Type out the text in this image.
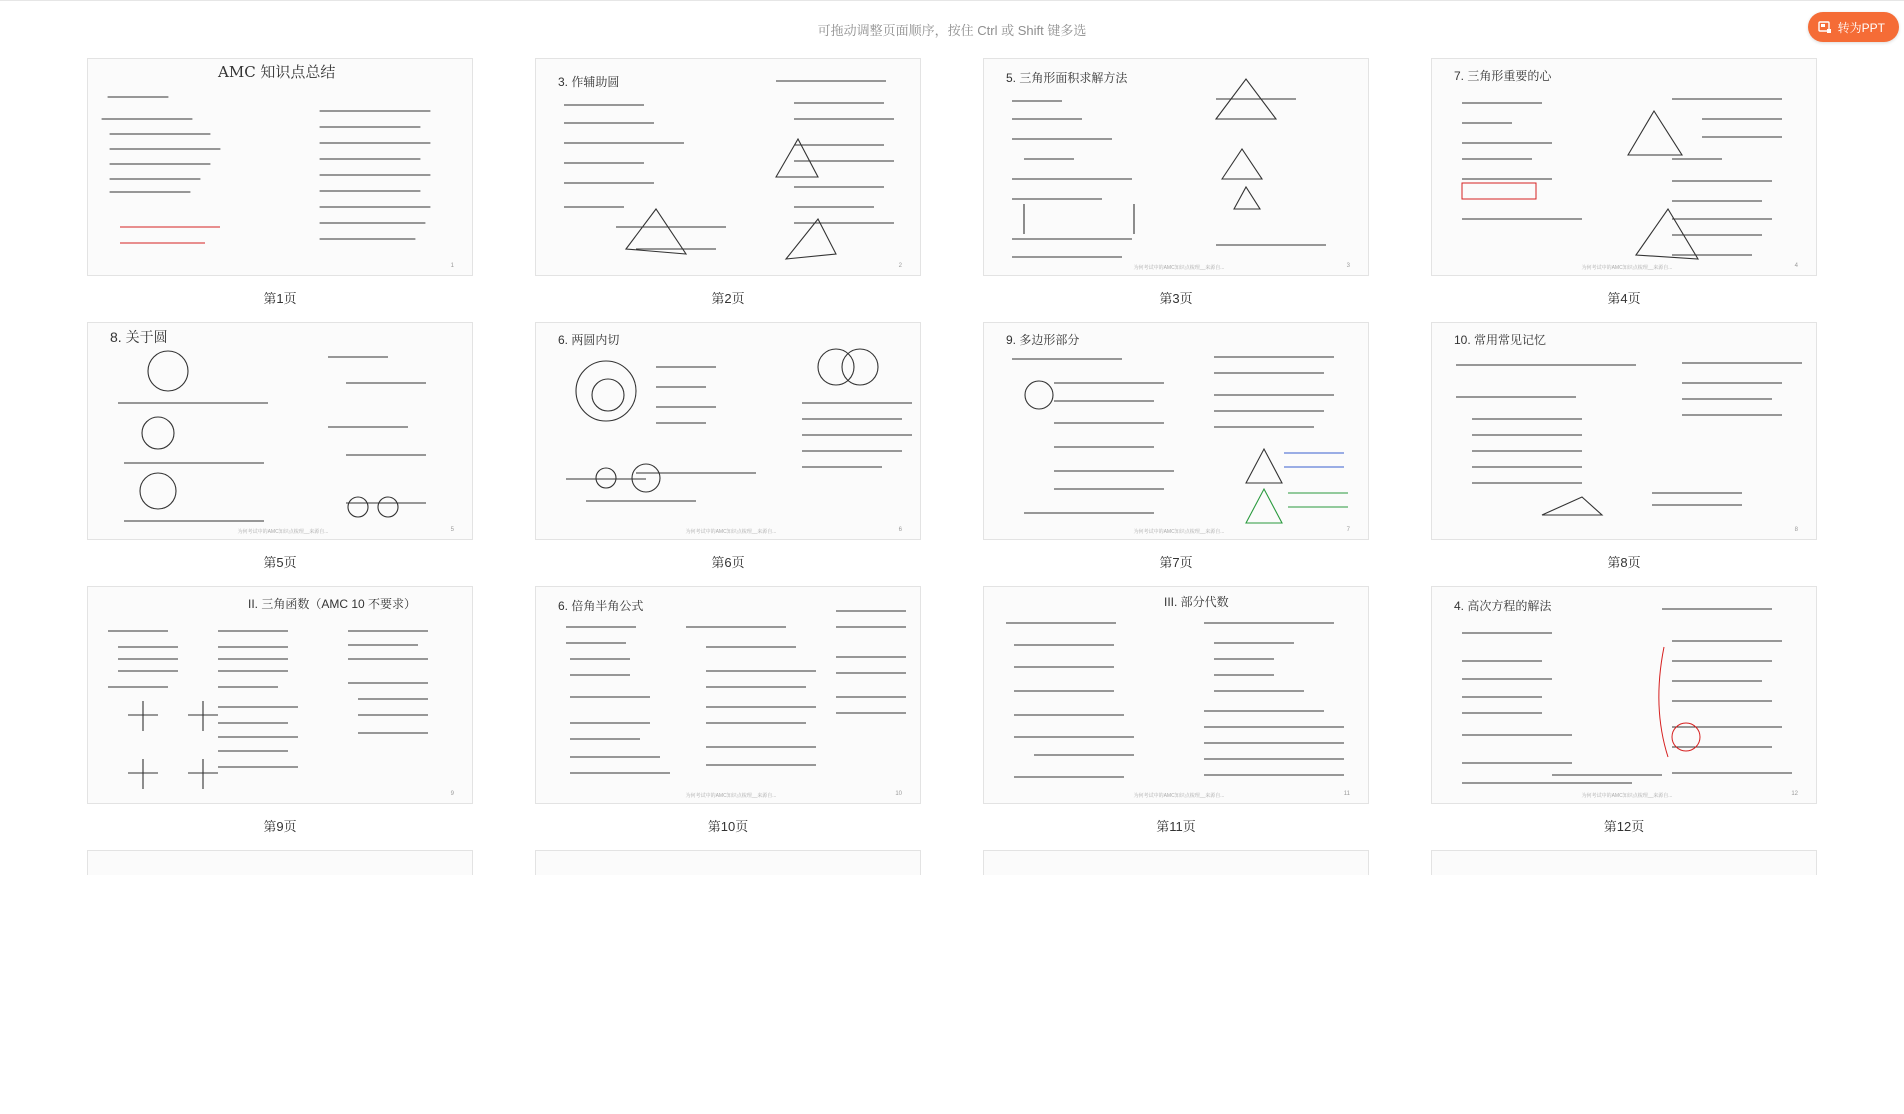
可拖动调整页面顺序，按住 Ctrl 或 Shift 键多选	转为PPT
AMC 知识点总结
1
第1页
3. 作辅助圆
2
第2页
5. 三角形面积求解方法
为何考试中的AMC知识点梳理__来源自...	3
第3页
7. 三角形重要的心
为何考试中的AMC知识点梳理__来源自...	4
第4页
8. 关于圆
为何考试中的AMC知识点梳理__来源自...	5
第5页
6. 两圆内切
为何考试中的AMC知识点梳理__来源自...	6
第6页
9. 多边形部分
为何考试中的AMC知识点梳理__来源自...	7
第7页
10. 常用常见记忆
8
第8页
II. 三角函数（AMC 10 不要求）
9
第9页
6. 倍角半角公式
为何考试中的AMC知识点梳理__来源自...	10
第10页
III. 部分代数
为何考试中的AMC知识点梳理__来源自...	11
第11页
4. 高次方程的解法
为何考试中的AMC知识点梳理__来源自...	12
第12页
